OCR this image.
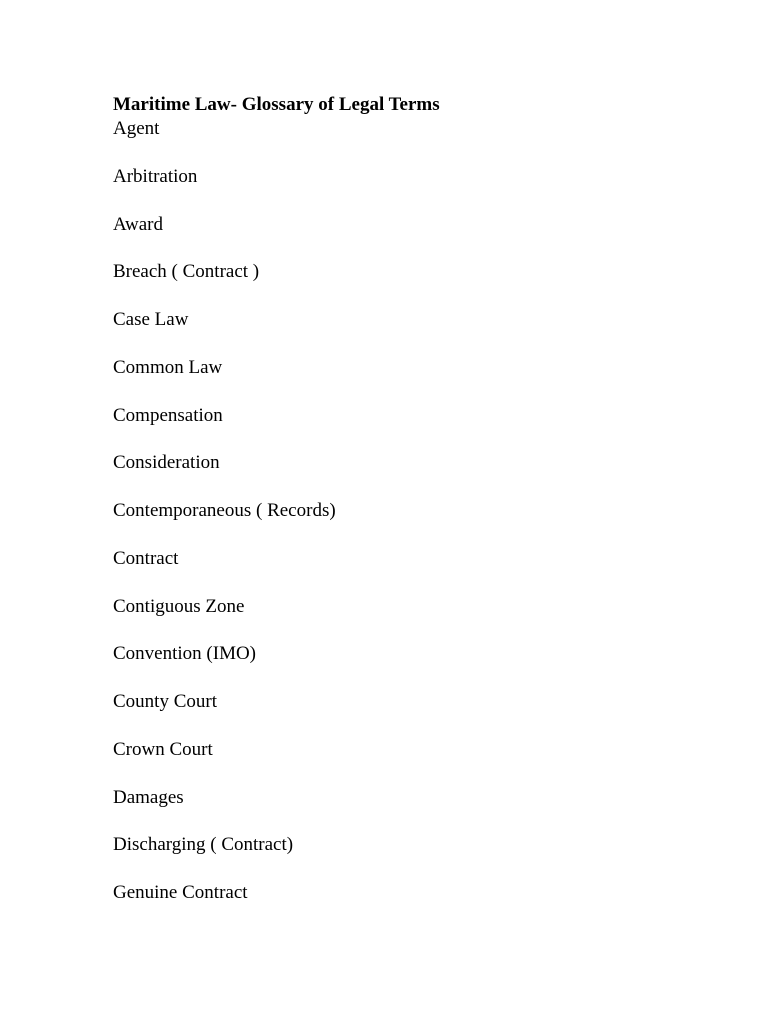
Maritime Law- Glossary of Legal Terms
Agent
Arbitration
Award
Breach ( Contract )
Case Law
Common Law
Compensation
Consideration
Contemporaneous ( Records)
Contract
Contiguous Zone
Convention (IMO)
County Court
Crown Court
Damages
Discharging ( Contract)
Genuine Contract
